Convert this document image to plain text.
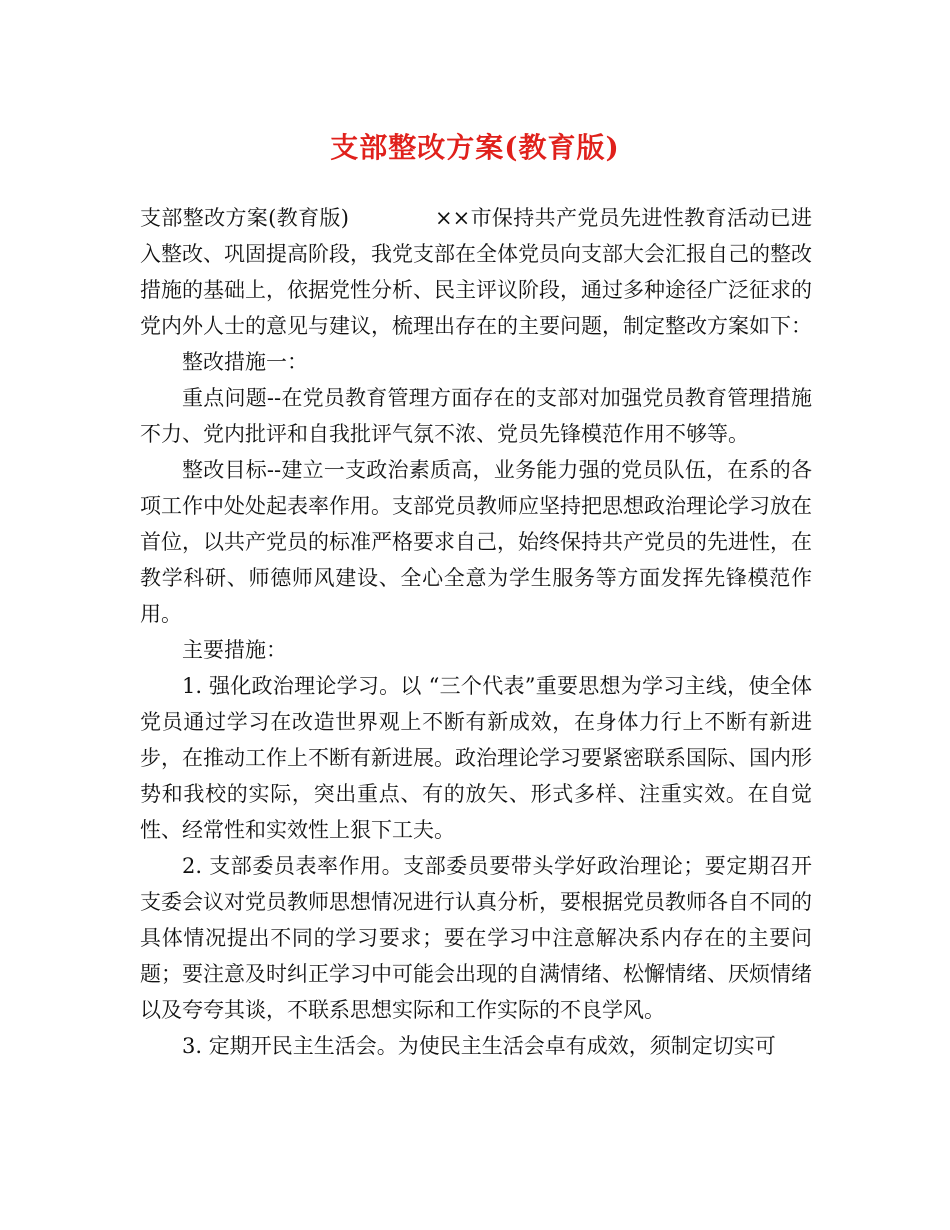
支部整改方案(教育版)

支部整改方案(教育版)	××市保持共产党员先进性教育活动已进入整改、巩固提高阶段，我党支部在全体党员向支部大会汇报自己的整改措施的基础上，依据党性分析、民主评议阶段，通过多种途径广泛征求的党内外人士的意见与建议，梳理出存在的主要问题，制定整改方案如下：

整改措施一：

重点问题--在党员教育管理方面存在的支部对加强党员教育管理措施不力、党内批评和自我批评气氛不浓、党员先锋模范作用不够等。

整改目标--建立一支政治素质高，业务能力强的党员队伍，在系的各项工作中处处起表率作用。支部党员教师应坚持把思想政治理论学习放在首位，以共产党员的标准严格要求自己，始终保持共产党员的先进性，在教学科研、师德师风建设、全心全意为学生服务等方面发挥先锋模范作用。

主要措施：

1. 强化政治理论学习。以 “三个代表”重要思想为学习主线，使全体党员通过学习在改造世界观上不断有新成效，在身体力行上不断有新进步，在推动工作上不断有新进展。政治理论学习要紧密联系国际、国内形势和我校的实际，突出重点、有的放矢、形式多样、注重实效。在自觉性、经常性和实效性上狠下工夫。

2. 支部委员表率作用。支部委员要带头学好政治理论；要定期召开支委会议对党员教师思想情况进行认真分析，要根据党员教师各自不同的具体情况提出不同的学习要求；要在学习中注意解决系内存在的主要问题；要注意及时纠正学习中可能会出现的自满情绪、松懈情绪、厌烦情绪以及夸夸其谈，不联系思想实际和工作实际的不良学风。

3. 定期开民主生活会。为使民主生活会卓有成效，须制定切实可
